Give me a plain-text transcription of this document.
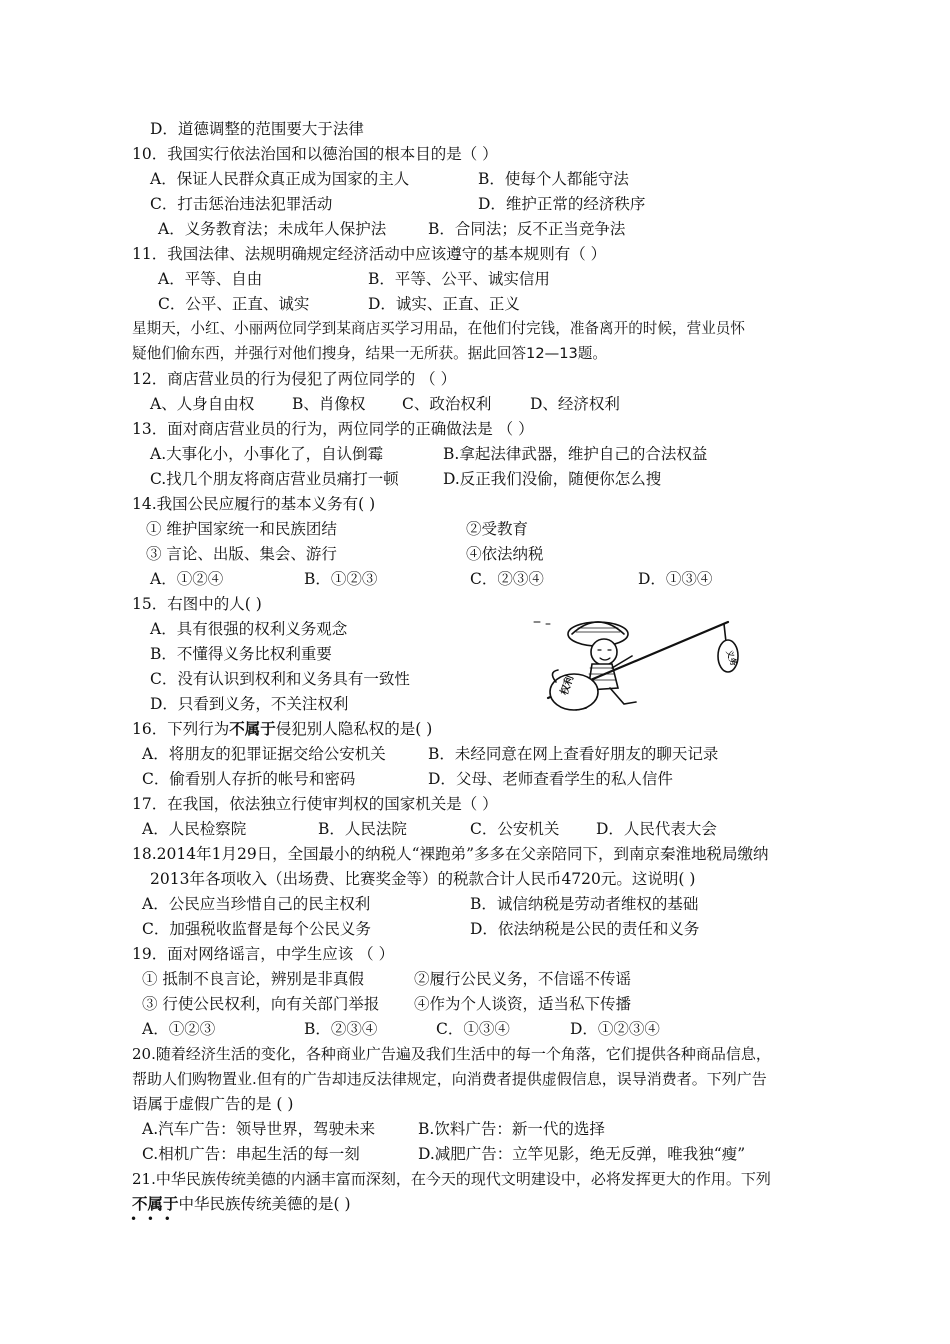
D．道德调整的范围要大于法律
10．我国实行依法治国和以德治国的根本目的是（ ）
A．保证人民群众真正成为国家的主人	B．使每个人都能守法
C．打击惩治违法犯罪活动	D．维护正常的经济秩序
A．义务教育法；未成年人保护法	B．合同法；反不正当竞争法
11．我国法律、法规明确规定经济活动中应该遵守的基本规则有（ ）
A．平等、自由	B．平等、公平、诚实信用
C．公平、正直、诚实	D．诚实、正直、正义
星期天，小红、小丽两位同学到某商店买学习用品，在他们付完钱，准备离开的时候，营业员怀
疑他们偷东西，并强行对他们搜身，结果一无所获。据此回答12—13题。
12．商店营业员的行为侵犯了两位同学的 （ ）
A、人身自由权 B、肖像权 C、政治权利 D、经济权利
13．面对商店营业员的行为，两位同学的正确做法是 （ ）
A.大事化小，小事化了，自认倒霉	B.拿起法律武器，维护自己的合法权益
C.找几个朋友将商店营业员痛打一顿	D.反正我们没偷，随便你怎么搜
14.我国公民应履行的基本义务有( )
① 维护国家统一和民族团结	②受教育
③ 言论、出版、集会、游行	④依法纳税
A．①②④	B．①②③	C．②③④	D．①③④
15．右图中的人( )
A．具有很强的权利义务观念
B．不懂得义务比权利重要
C．没有认识到权利和义务具有一致性
D．只看到义务，不关注权利
权利
义务
16．下列行为不属于侵犯别人隐私权的是( )
A．将朋友的犯罪证据交给公安机关	B．未经同意在网上查看好朋友的聊天记录
C．偷看别人存折的帐号和密码	D．父母、老师查看学生的私人信件
17．在我国，依法独立行使审判权的国家机关是（ ）
A．人民检察院	B．人民法院	C．公安机关 D．人民代表大会
18.2014年1月29日，全国最小的纳税人“裸跑弟”多多在父亲陪同下，到南京秦淮地税局缴纳
2013年各项收入（出场费、比赛奖金等）的税款合计人民币4720元。这说明( )
A．公民应当珍惜自己的民主权利	B．诚信纳税是劳动者维权的基础
C．加强税收监督是每个公民义务	D．依法纳税是公民的责任和义务
19．面对网络谣言，中学生应该 （ ）
① 抵制不良言论，辨别是非真假	②履行公民义务，不信谣不传谣
③ 行使公民权利，向有关部门举报 ④作为个人谈资，适当私下传播
A．①②③	B．②③④	C．①③④	D．①②③④
20.随着经济生活的变化，各种商业广告遍及我们生活中的每一个角落，它们提供各种商品信息，
帮助人们购物置业.但有的广告却违反法律规定，向消费者提供虚假信息，误导消费者。下列广告
语属于虚假广告的是 ( )
A.汽车广告：领导世界，驾驶未来	B.饮料广告：新一代的选择
C.相机广告：串起生活的每一刻	D.减肥广告：立竿见影，绝无反弹，唯我独“瘦”
21.中华民族传统美德的内涵丰富而深刻，在今天的现代文明建设中，必将发挥更大的作用。下列
不属于中华民族传统美德的是( )
• • •
